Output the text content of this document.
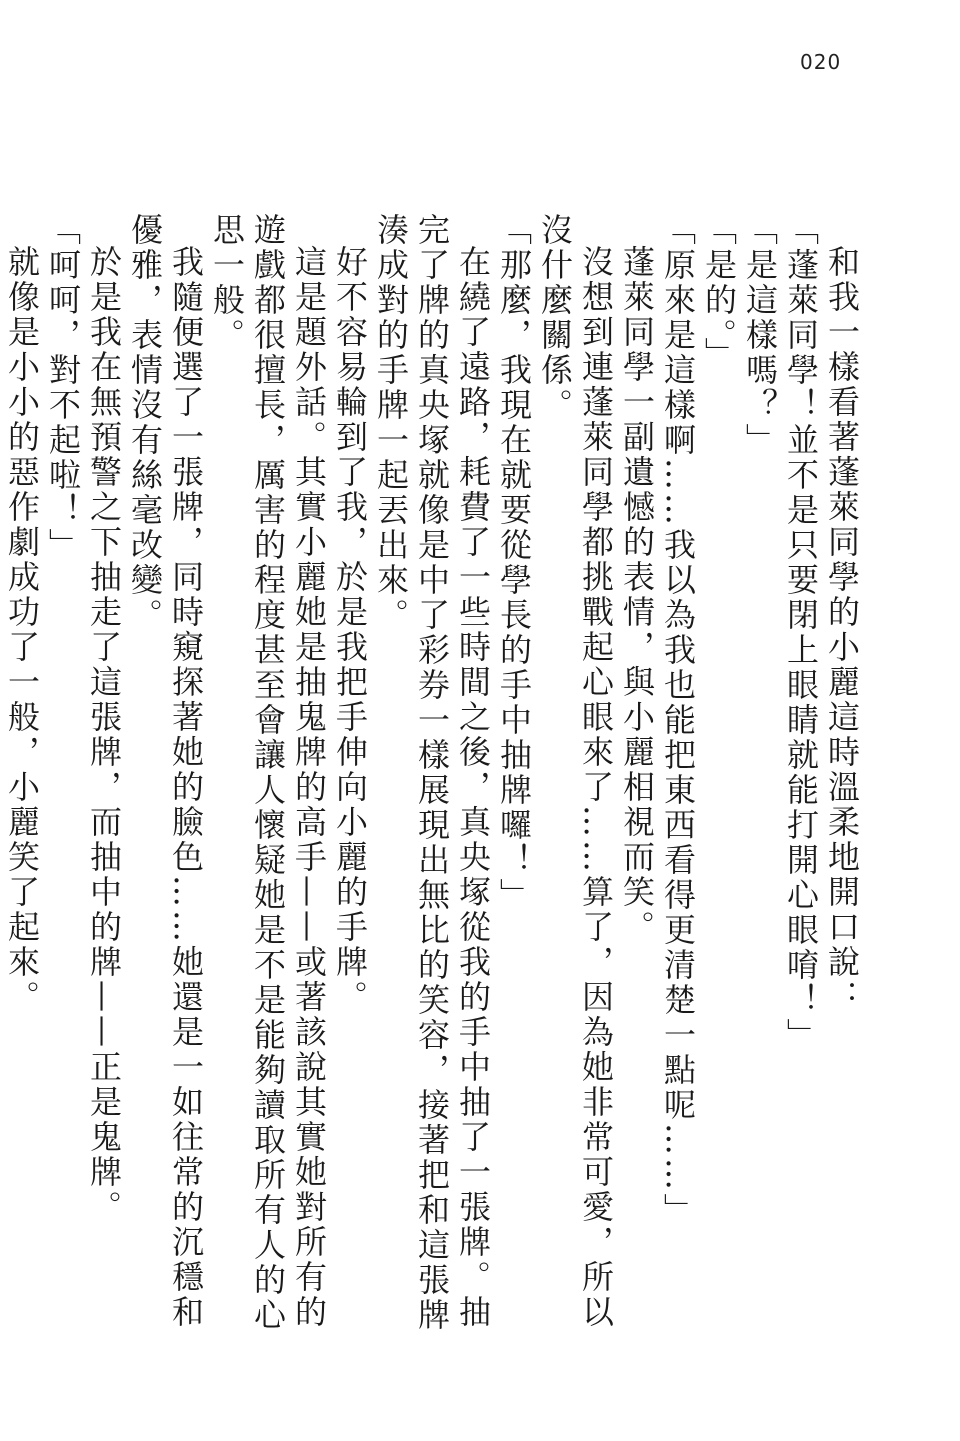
020

和我一樣看著蓬萊同學的小麗這時溫柔地開口說：

「蓬萊同學！並不是只要閉上眼睛就能打開心眼唷！」

「是這樣嗎？」

「是的。」

「原來是這樣啊……我以為我也能把東西看得更清楚一點呢……」

蓬萊同學一副遺憾的表情，與小麗相視而笑。

沒想到連蓬萊同學都挑戰起心眼來了……算了，因為她非常可愛，所以沒什麼關係。

「那麼，我現在就要從學長的手中抽牌囉！」

在繞了遠路，耗費了一些時間之後，真央塚從我的手中抽了一張牌。抽完了牌的真央塚就像是中了彩券一樣展現出無比的笑容，接著把和這張牌湊成對的手牌一起丟出來。

好不容易輪到了我，於是我把手伸向小麗的手牌。

這是題外話。其實小麗她是抽鬼牌的高手——或著該說其實她對所有的遊戲都很擅長，厲害的程度甚至會讓人懷疑她是不是能夠讀取所有人的心思一般。

我隨便選了一張牌，同時窺探著她的臉色……她還是一如往常的沉穩和優雅，表情沒有絲毫改變。

於是我在無預警之下抽走了這張牌，而抽中的牌——正是鬼牌。

「呵呵，對不起啦！」

就像是小小的惡作劇成功了一般，小麗笑了起來。
